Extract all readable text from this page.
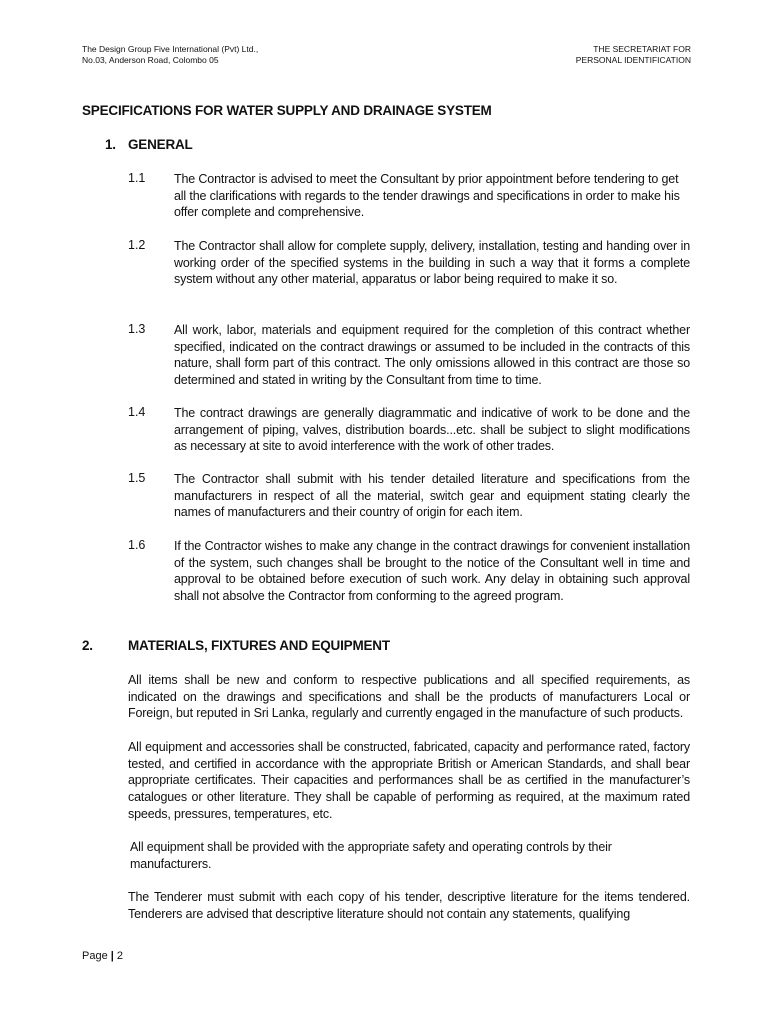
The Design Group Five International (Pvt) Ltd.,
No.03, Anderson Road, Colombo 05
THE SECRETARIAT FOR
PERSONAL IDENTIFICATION
SPECIFICATIONS FOR WATER SUPPLY AND DRAINAGE SYSTEM
1. GENERAL
1.1 The Contractor is advised to meet the Consultant by prior appointment before tendering to get all the clarifications with regards to the tender drawings and specifications in order to make his offer complete and comprehensive.
1.2 The Contractor shall allow for complete supply, delivery, installation, testing and handing over in working order of the specified systems in the building in such a way that it forms a complete system without any other material, apparatus or labor being required to make it so.
1.3 All work, labor, materials and equipment required for the completion of this contract whether specified, indicated on the contract drawings or assumed to be included in the contracts of this nature, shall form part of this contract. The only omissions allowed in this contract are those so determined and stated in writing by the Consultant from time to time.
1.4 The contract drawings are generally diagrammatic and indicative of work to be done and the arrangement of piping, valves, distribution boards...etc. shall be subject to slight modifications as necessary at site to avoid interference with the work of other trades.
1.5 The Contractor shall submit with his tender detailed literature and specifications from the manufacturers in respect of all the material, switch gear and equipment stating clearly the names of manufacturers and their country of origin for each item.
1.6 If the Contractor wishes to make any change in the contract drawings for convenient installation of the system, such changes shall be brought to the notice of the Consultant well in time and approval to be obtained before execution of such work. Any delay in obtaining such approval shall not absolve the Contractor from conforming to the agreed program.
2.	MATERIALS, FIXTURES AND EQUIPMENT
All items shall be new and conform to respective publications and all specified requirements, as indicated on the drawings and specifications and shall be the products of manufacturers Local or Foreign, but reputed in Sri Lanka, regularly and currently engaged in the manufacture of such products.
All equipment and accessories shall be constructed, fabricated, capacity and performance rated, factory tested, and certified in accordance with the appropriate British or American Standards, and shall bear appropriate certificates. Their capacities and performances shall be as certified in the manufacturer’s catalogues or other literature. They shall be capable of performing as required, at the maximum rated speeds, pressures, temperatures, etc.
All equipment shall be provided with the appropriate safety and operating controls by their manufacturers.
The Tenderer must submit with each copy of his tender, descriptive literature for the items tendered. Tenderers are advised that descriptive literature should not contain any statements, qualifying
Page | 2
